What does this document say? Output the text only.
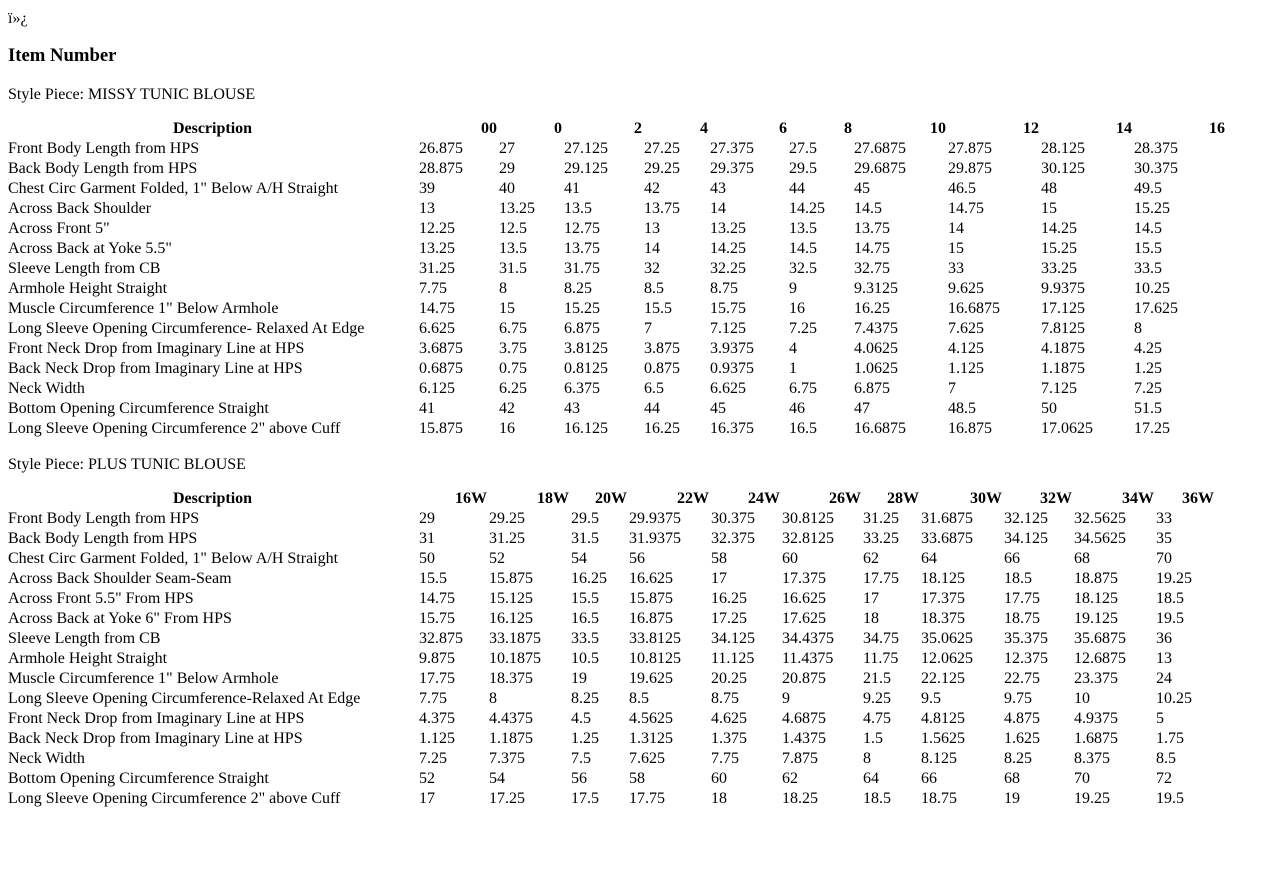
ï»¿
Item Number
Style Piece: MISSY TUNIC BLOUSE
Description	00	0	2	4	6	8	10	12	14	16
Front Body Length from HPS	26.875	27	27.125	27.25	27.375	27.5	27.6875	27.875	28.125	28.375
Back Body Length from HPS	28.875	29	29.125	29.25	29.375	29.5	29.6875	29.875	30.125	30.375
Chest Circ Garment Folded, 1" Below A/H Straight	39	40	41	42	43	44	45	46.5	48	49.5
Across Back Shoulder	13	13.25	13.5	13.75	14	14.25	14.5	14.75	15	15.25
Across Front 5"	12.25	12.5	12.75	13	13.25	13.5	13.75	14	14.25	14.5
Across Back at Yoke 5.5"	13.25	13.5	13.75	14	14.25	14.5	14.75	15	15.25	15.5
Sleeve Length from CB	31.25	31.5	31.75	32	32.25	32.5	32.75	33	33.25	33.5
Armhole Height Straight	7.75	8	8.25	8.5	8.75	9	9.3125	9.625	9.9375	10.25
Muscle Circumference 1" Below Armhole	14.75	15	15.25	15.5	15.75	16	16.25	16.6875	17.125	17.625
Long Sleeve Opening Circumference- Relaxed At Edge	6.625	6.75	6.875	7	7.125	7.25	7.4375	7.625	7.8125	8
Front Neck Drop from Imaginary Line at HPS	3.6875	3.75	3.8125	3.875	3.9375	4	4.0625	4.125	4.1875	4.25
Back Neck Drop from Imaginary Line at HPS	0.6875	0.75	0.8125	0.875	0.9375	1	1.0625	1.125	1.1875	1.25
Neck Width	6.125	6.25	6.375	6.5	6.625	6.75	6.875	7	7.125	7.25
Bottom Opening Circumference Straight	41	42	43	44	45	46	47	48.5	50	51.5
Long Sleeve Opening Circumference 2" above Cuff	15.875	16	16.125	16.25	16.375	16.5	16.6875	16.875	17.0625	17.25
Style Piece: PLUS TUNIC BLOUSE
Description	16W	18W	20W	22W	24W	26W	28W	30W	32W	34W	36W
Front Body Length from HPS	29	29.25	29.5	29.9375	30.375	30.8125	31.25	31.6875	32.125	32.5625	33
Back Body Length from HPS	31	31.25	31.5	31.9375	32.375	32.8125	33.25	33.6875	34.125	34.5625	35
Chest Circ Garment Folded, 1" Below A/H Straight	50	52	54	56	58	60	62	64	66	68	70
Across Back Shoulder Seam-Seam	15.5	15.875	16.25	16.625	17	17.375	17.75	18.125	18.5	18.875	19.25
Across Front 5.5" From HPS	14.75	15.125	15.5	15.875	16.25	16.625	17	17.375	17.75	18.125	18.5
Across Back at Yoke 6" From HPS	15.75	16.125	16.5	16.875	17.25	17.625	18	18.375	18.75	19.125	19.5
Sleeve Length from CB	32.875	33.1875	33.5	33.8125	34.125	34.4375	34.75	35.0625	35.375	35.6875	36
Armhole Height Straight	9.875	10.1875	10.5	10.8125	11.125	11.4375	11.75	12.0625	12.375	12.6875	13
Muscle Circumference 1" Below Armhole	17.75	18.375	19	19.625	20.25	20.875	21.5	22.125	22.75	23.375	24
Long Sleeve Opening Circumference-Relaxed At Edge	7.75	8	8.25	8.5	8.75	9	9.25	9.5	9.75	10	10.25
Front Neck Drop from Imaginary Line at HPS	4.375	4.4375	4.5	4.5625	4.625	4.6875	4.75	4.8125	4.875	4.9375	5
Back Neck Drop from Imaginary Line at HPS	1.125	1.1875	1.25	1.3125	1.375	1.4375	1.5	1.5625	1.625	1.6875	1.75
Neck Width	7.25	7.375	7.5	7.625	7.75	7.875	8	8.125	8.25	8.375	8.5
Bottom Opening Circumference Straight	52	54	56	58	60	62	64	66	68	70	72
Long Sleeve Opening Circumference 2" above Cuff	17	17.25	17.5	17.75	18	18.25	18.5	18.75	19	19.25	19.5
